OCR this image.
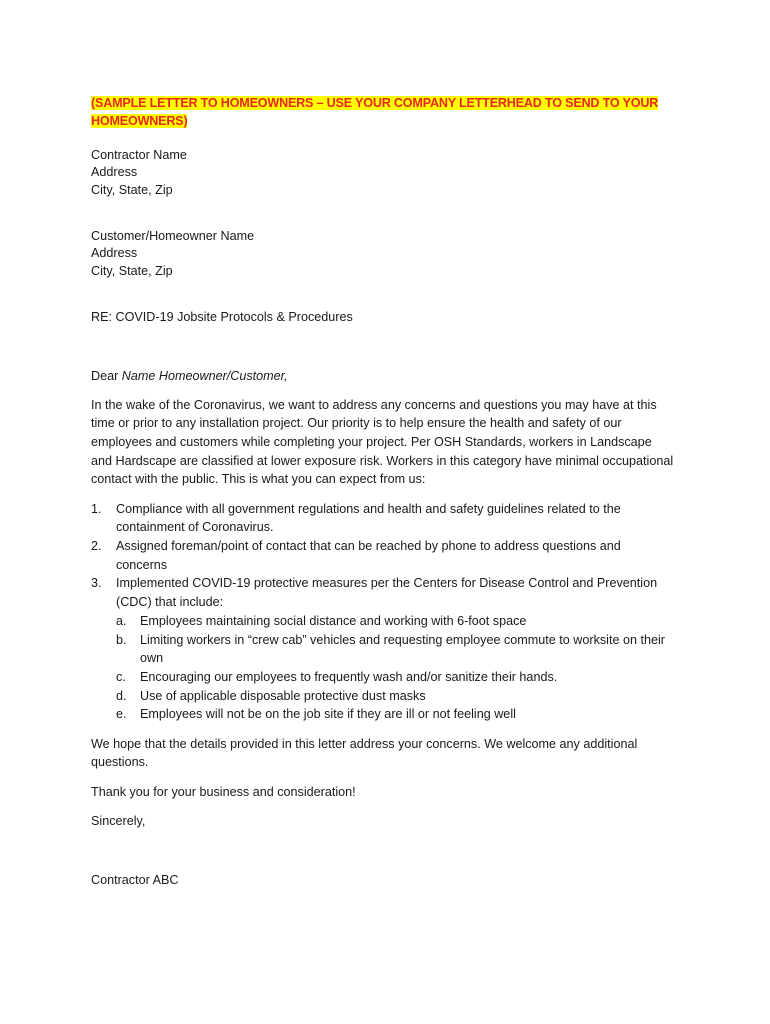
(SAMPLE LETTER TO HOMEOWNERS – USE YOUR COMPANY LETTERHEAD TO SEND TO YOUR
HOMEOWNERS)
Contractor Name
Address
City, State, Zip
Customer/Homeowner Name
Address
City, State, Zip
RE: COVID-19 Jobsite Protocols & Procedures
Dear Name Homeowner/Customer,
In the wake of the Coronavirus, we want to address any concerns and questions you may have at this
time or prior to any installation project. Our priority is to help ensure the health and safety of our
employees and customers while completing your project. Per OSH Standards, workers in Landscape
and Hardscape are classified at lower exposure risk. Workers in this category have minimal occupational
contact with the public. This is what you can expect from us:
1. Compliance with all government regulations and health and safety guidelines related to the
containment of Coronavirus.
2. Assigned foreman/point of contact that can be reached by phone to address questions and
concerns
3. Implemented COVID-19 protective measures per the Centers for Disease Control and Prevention
(CDC) that include:
a. Employees maintaining social distance and working with 6-foot space
b. Limiting workers in “crew cab” vehicles and requesting employee commute to worksite on their
own
c. Encouraging our employees to frequently wash and/or sanitize their hands.
d. Use of applicable disposable protective dust masks
e. Employees will not be on the job site if they are ill or not feeling well
We hope that the details provided in this letter address your concerns. We welcome any additional
questions.
Thank you for your business and consideration!
Sincerely,
Contractor ABC
